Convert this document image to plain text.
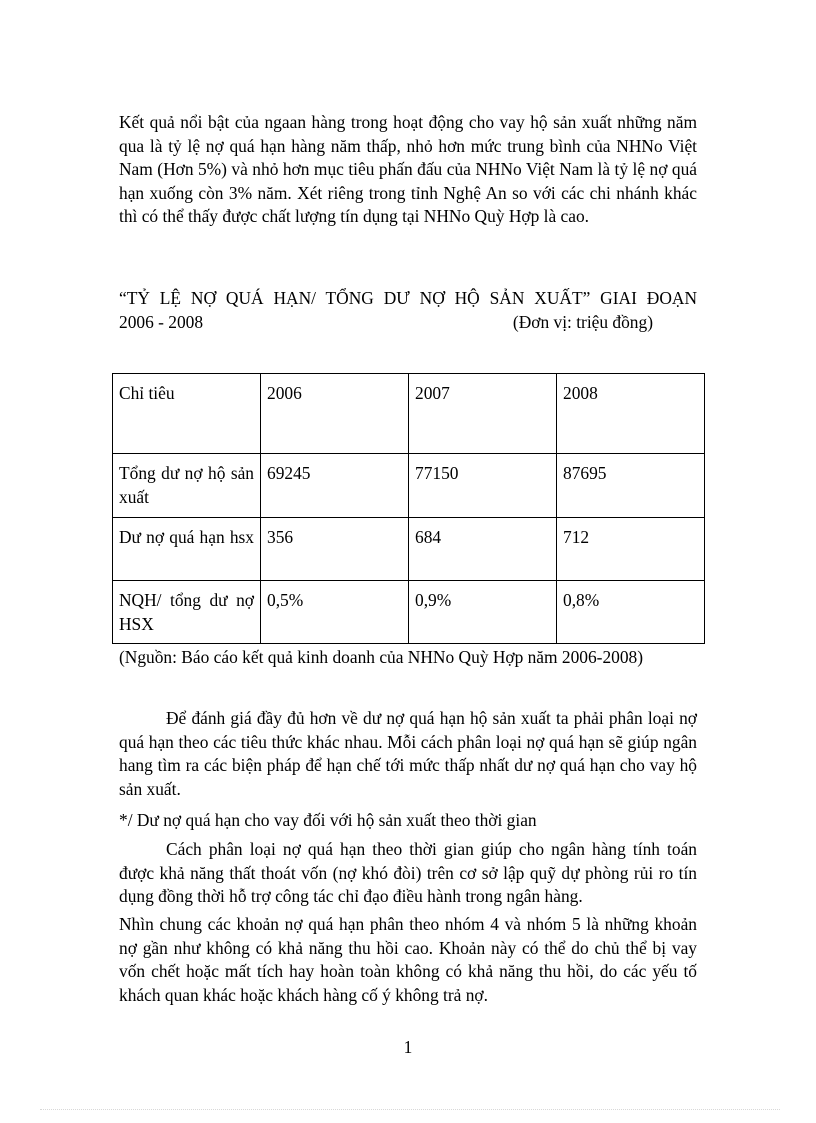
Kết quả nổi bật của ngaan hàng trong hoạt động cho vay hộ sản xuất những năm qua là tỷ lệ nợ quá hạn hàng năm thấp, nhỏ hơn mức trung bình của NHNo Việt Nam (Hơn 5%) và nhỏ hơn mục tiêu phấn đấu của NHNo Việt Nam là tỷ lệ nợ quá hạn xuống còn 3% năm. Xét riêng trong tỉnh Nghệ An so với các chi nhánh khác thì có thể thấy được chất lượng tín dụng tại NHNo Quỳ Hợp là cao.

“TỶ LỆ NỢ QUÁ HẠN/ TỔNG DƯ NỢ HỘ SẢN XUẤT” GIAI ĐOẠN
2006 - 2008	(Đơn vị: triệu đồng)
Chỉ tiêu	2006	2007	2008
Tổng dư nợ hộ sản xuất	69245	77150	87695
Dư nợ quá hạn hsx	356	684	712
NQH/ tổng dư nợ HSX	0,5%	0,9%	0,8%

(Nguồn: Báo cáo kết quả kinh doanh của NHNo Quỳ Hợp năm 2006-2008)

Để đánh giá đầy đủ hơn về dư nợ quá hạn hộ sản xuất ta phải phân loại nợ quá hạn theo các tiêu thức khác nhau. Mỗi cách phân loại nợ quá hạn sẽ giúp ngân hang tìm ra các biện pháp để hạn chế tới mức thấp nhất dư nợ quá hạn cho vay hộ sản xuất.

*/ Dư nợ quá hạn cho vay đối với hộ sản xuất theo thời gian

Cách phân loại nợ quá hạn theo thời gian giúp cho ngân hàng tính toán được khả năng thất thoát vốn (nợ khó đòi) trên cơ sở lập quỹ dự phòng rủi ro tín dụng đồng thời hỗ trợ công tác chỉ đạo điều hành trong ngân hàng.

Nhìn chung các khoản nợ quá hạn phân theo nhóm 4 và nhóm 5 là những khoản nợ gần như không có khả năng thu hồi cao. Khoản này có thể do chủ thể bị vay vốn chết hoặc mất tích hay hoàn toàn không có khả năng thu hồi, do các yếu tố khách quan khác hoặc khách hàng cố ý không trả nợ.

1
